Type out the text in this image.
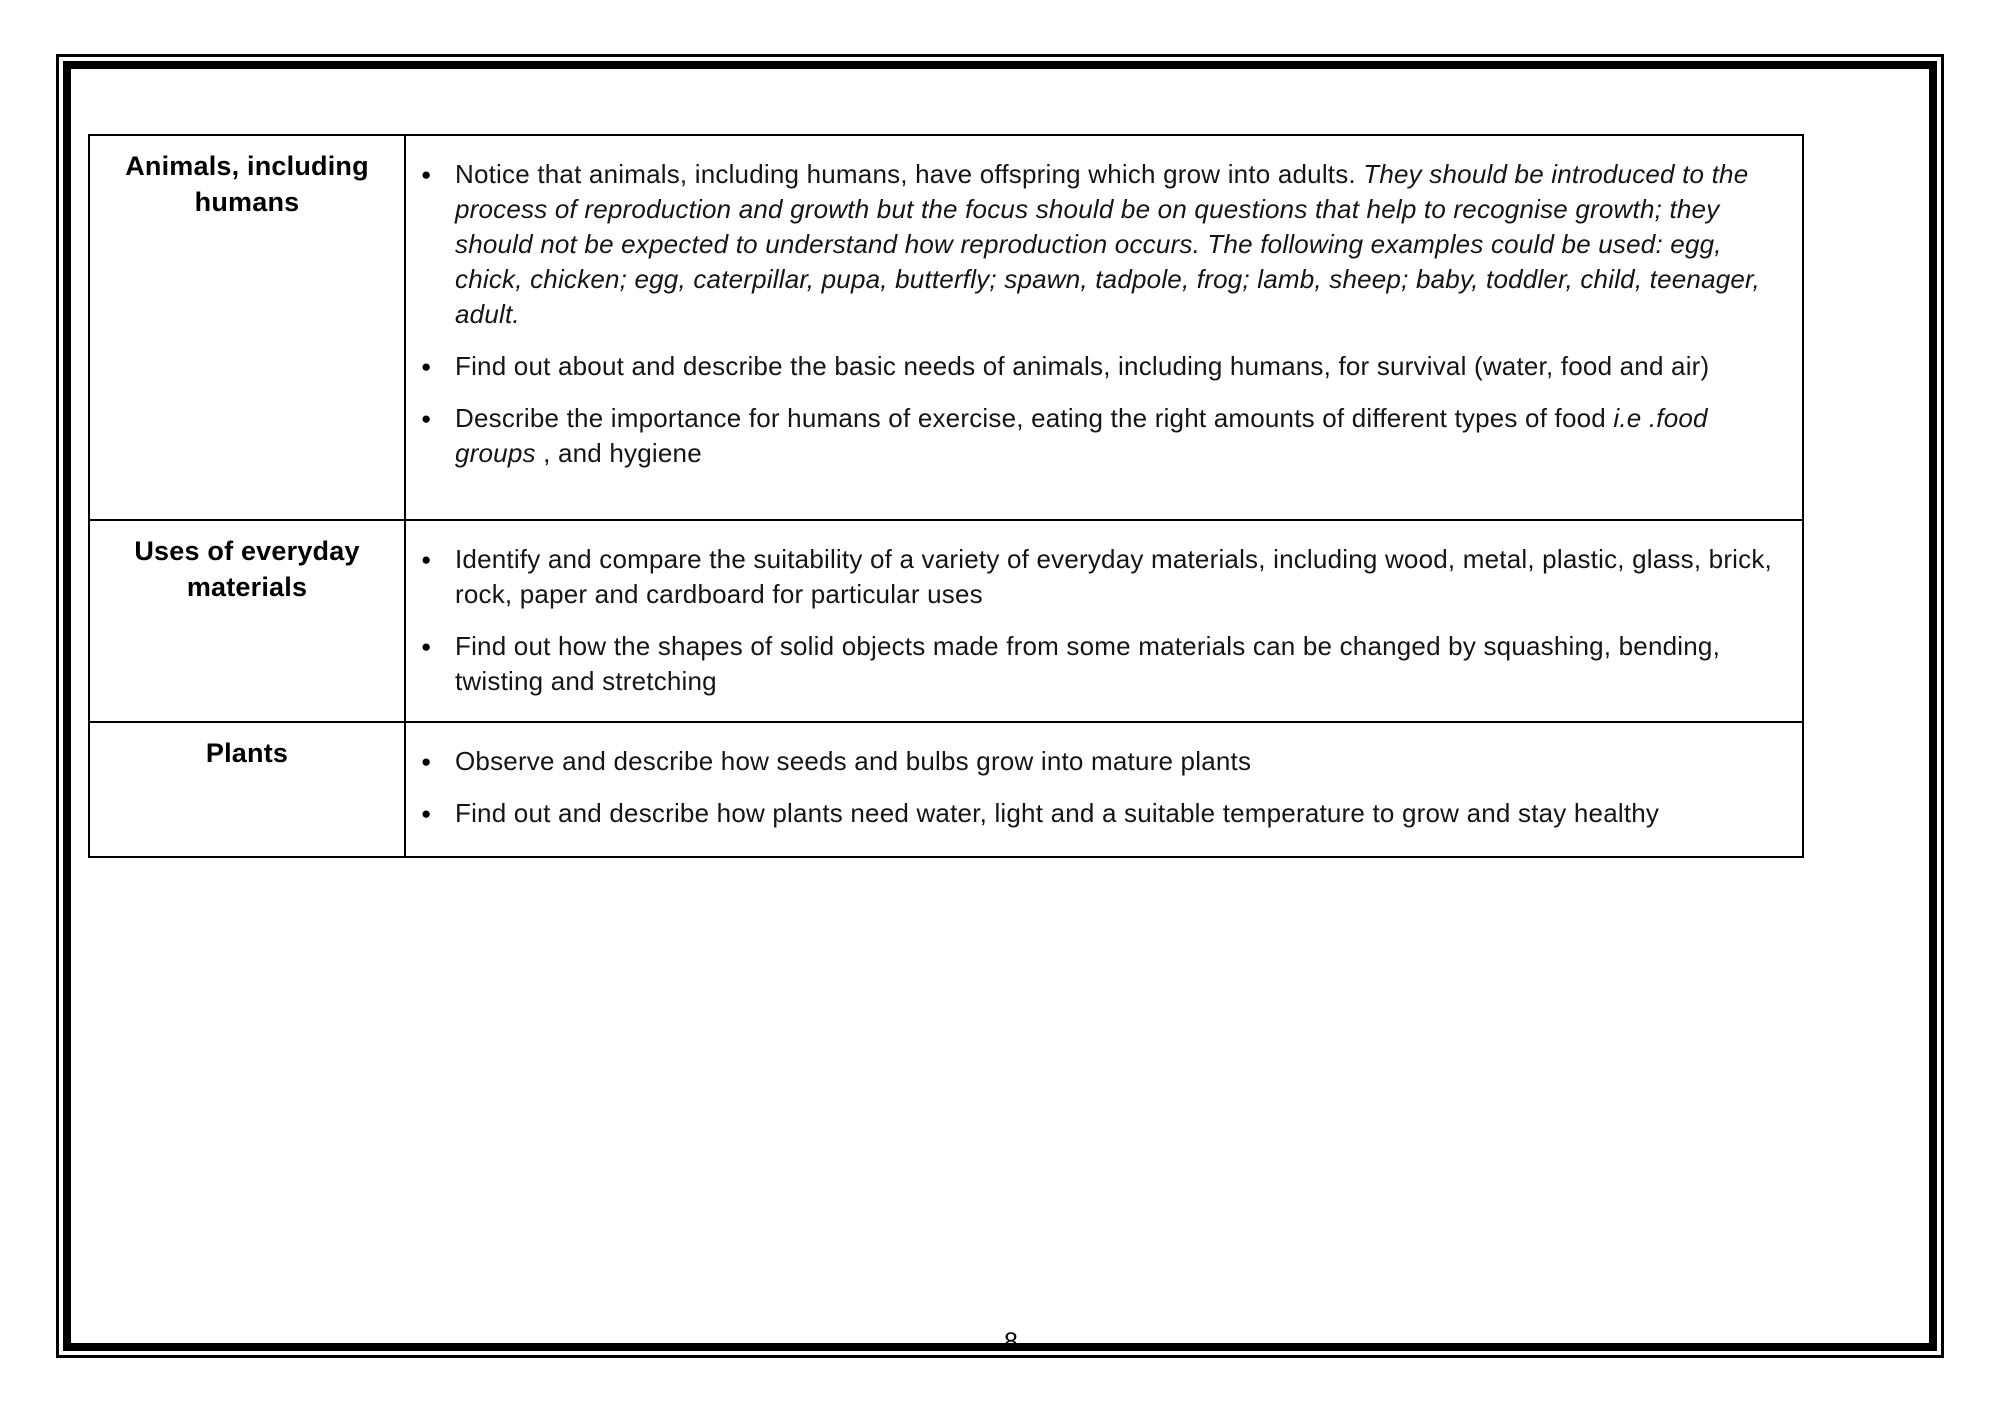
8
Animals, including humans
● Notice that animals, including humans, have offspring which grow into adults. They should be introduced to the process of reproduction and growth but the focus should be on questions that help to recognise growth; they should not be expected to understand how reproduction occurs. The following examples could be used: egg, chick, chicken; egg, caterpillar, pupa, butterfly; spawn, tadpole, frog; lamb, sheep; baby, toddler, child, teenager, adult.
● Find out about and describe the basic needs of animals, including humans, for survival (water, food and air)
● Describe the importance for humans of exercise, eating the right amounts of different types of food i.e .food groups , and hygiene
Uses of everyday materials
● Identify and compare the suitability of a variety of everyday materials, including wood, metal, plastic, glass, brick, rock, paper and cardboard for particular uses
● Find out how the shapes of solid objects made from some materials can be changed by squashing, bending, twisting and stretching
Plants	● Observe and describe how seeds and bulbs grow into mature plants
● Find out and describe how plants need water, light and a suitable temperature to grow and stay healthy
